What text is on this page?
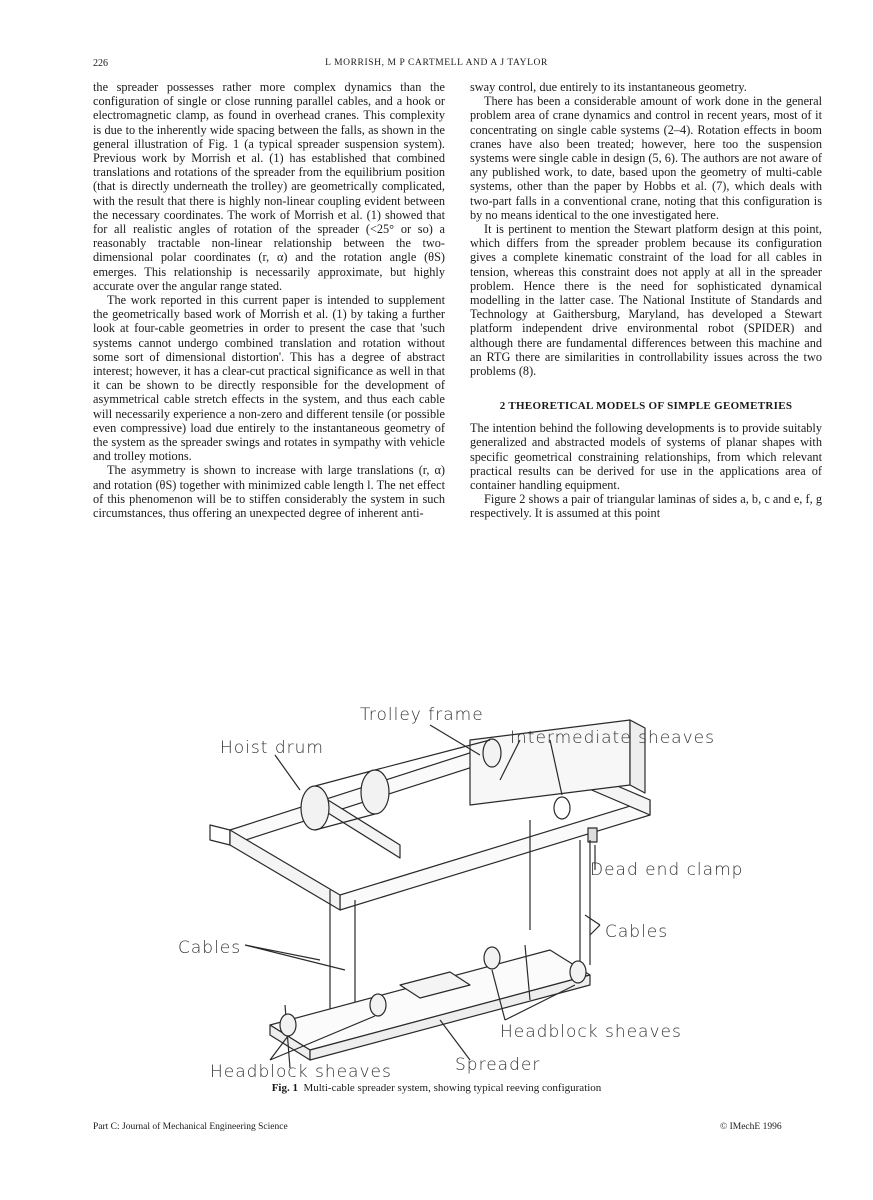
226	L MORRISH, M P CARTMELL AND A J TAYLOR

the spreader possesses rather more complex dynamics than the configuration of single or close running parallel cables, and a hook or electromagnetic clamp, as found in overhead cranes. This complexity is due to the inherently wide spacing between the falls, as shown in the general illustration of Fig. 1 (a typical spreader suspension system). Previous work by Morrish et al. (1) has established that combined translations and rotations of the spreader from the equilibrium position (that is directly underneath the trolley) are geometrically complicated, with the result that there is highly non-linear coupling evident between the necessary coordinates. The work of Morrish et al. (1) showed that for all realistic angles of rotation of the spreader (<25° or so) a reasonably tractable non-linear relationship between the two-dimensional polar coordinates (r, α) and the rotation angle (θS) emerges. This relationship is necessarily approximate, but highly accurate over the angular range stated.

The work reported in this current paper is intended to supplement the geometrically based work of Morrish et al. (1) by taking a further look at four-cable geometries in order to present the case that 'such systems cannot undergo combined translation and rotation without some sort of dimensional distortion'. This has a degree of abstract interest; however, it has a clear-cut practical significance as well in that it can be shown to be directly responsible for the development of asymmetrical cable stretch effects in the system, and thus each cable will necessarily experience a non-zero and different tensile (or possible even compressive) load due entirely to the instantaneous geometry of the system as the spreader swings and rotates in sympathy with vehicle and trolley motions.

The asymmetry is shown to increase with large translations (r, α) and rotation (θS) together with minimized cable length l. The net effect of this phenomenon will be to stiffen considerably the system in such circumstances, thus offering an unexpected degree of inherent anti-

sway control, due entirely to its instantaneous geometry.

There has been a considerable amount of work done in the general problem area of crane dynamics and control in recent years, most of it concentrating on single cable systems (2–4). Rotation effects in boom cranes have also been treated; however, here too the suspension systems were single cable in design (5, 6). The authors are not aware of any published work, to date, based upon the geometry of multi-cable systems, other than the paper by Hobbs et al. (7), which deals with two-part falls in a conventional crane, noting that this configuration is by no means identical to the one investigated here.

It is pertinent to mention the Stewart platform design at this point, which differs from the spreader problem because its configuration gives a complete kinematic constraint of the load for all cables in tension, whereas this constraint does not apply at all in the spreader problem. Hence there is the need for sophisticated dynamical modelling in the latter case. The National Institute of Standards and Technology at Gaithersburg, Maryland, has developed a Stewart platform independent drive environmental robot (SPIDER) and although there are fundamental differences between this machine and an RTG there are similarities in controllability issues across the two problems (8).

2 THEORETICAL MODELS OF SIMPLE GEOMETRIES

The intention behind the following developments is to provide suitably generalized and abstracted models of systems of planar shapes with specific geometrical constraining relationships, from which relevant practical results can be derived for use in the applications area of container handling equipment.

Figure 2 shows a pair of triangular laminas of sides a, b, c and e, f, g respectively. It is assumed at this point

Trolley frame
Hoist drum	Intermediate sheaves
Dead end clamp
Cables
Cables
Headblock sheaves
Headblock sheaves	Spreader
Fig. 1 Multi-cable spreader system, showing typical reeving configuration
Part C: Journal of Mechanical Engineering Science	© IMechE 1996
